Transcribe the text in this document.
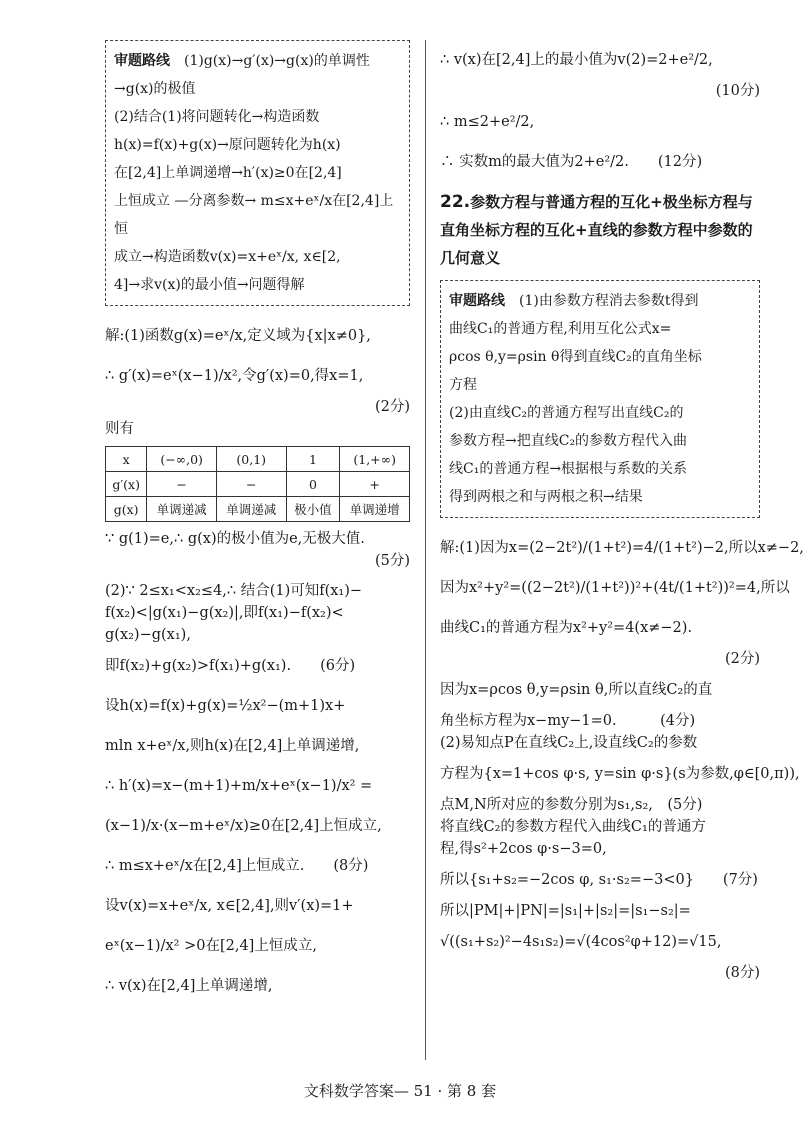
审题路线　 (1)g(x)→g′(x)→g(x)的单调性→g(x)的极值
(2)结合(1)将问题转化→构造函数
h(x)=f(x)+g(x)→原问题转化为h(x)
在[2,4]上单调递增→h′(x)≥0在[2,4]
上恒成立 —分离参数→ m≤x+eˣ/x在[2,4]上恒
成立→构造函数v(x)=x+eˣ/x, x∈[2,
4]→求v(x)的最小值→问题得解
解:(1)函数g(x)=eˣ/x,定义域为{x|x≠0},
∴ g′(x)=eˣ(x−1)/x²,令g′(x)=0,得x=1,
(2分)
则有
x	(−∞,0)	(0,1)	1	(1,+∞)
g′(x)	−	−	0	+
g(x)	单调递减	单调递减	极小值	单调递增
∵ g(1)=e,∴ g(x)的极小值为e,无极大值.
(5分)
(2)∵ 2≤x₁<x₂≤4,∴ 结合(1)可知f(x₁)−
f(x₂)<|g(x₁)−g(x₂)|,即f(x₁)−f(x₂)<
g(x₂)−g(x₁),
即f(x₂)+g(x₂)>f(x₁)+g(x₁).　　(6分)
设h(x)=f(x)+g(x)=½x²−(m+1)x+
mln x+eˣ/x,则h(x)在[2,4]上单调递增,
∴ h′(x)=x−(m+1)+m/x+eˣ(x−1)/x² =
(x−1)/x·(x−m+eˣ/x)≥0在[2,4]上恒成立,
∴ m≤x+eˣ/x在[2,4]上恒成立.　　(8分)
设v(x)=x+eˣ/x, x∈[2,4],则v′(x)=1+
eˣ(x−1)/x² >0在[2,4]上恒成立,
∴ v(x)在[2,4]上单调递增,
∴ v(x)在[2,4]上的最小值为v(2)=2+e²/2,
(10分)
∴ m≤2+e²/2,
∴ 实数m的最大值为2+e²/2.　　(12分)
22.参数方程与普通方程的互化+极坐标方程与直角坐标方程的互化+直线的参数方程中参数的几何意义
审题路线　 (1)由参数方程消去参数t得到
曲线C₁的普通方程,利用互化公式x=
ρcos θ,y=ρsin θ得到直线C₂的直角坐标
方程
(2)由直线C₂的普通方程写出直线C₂的
参数方程→把直线C₂的参数方程代入曲
线C₁的普通方程→根据根与系数的关系
得到两根之和与两根之积→结果
解:(1)因为x=(2−2t²)/(1+t²)=4/(1+t²)−2,所以x≠−2,
因为x²+y²=((2−2t²)/(1+t²))²+(4t/(1+t²))²=4,所以
曲线C₁的普通方程为x²+y²=4(x≠−2).
(2分)
因为x=ρcos θ,y=ρsin θ,所以直线C₂的直
角坐标方程为x−my−1=0.　　　(4分)
(2)易知点P在直线C₂上,设直线C₂的参数
方程为{x=1+cos φ·s, y=sin φ·s}(s为参数,φ∈[0,π)),
点M,N所对应的参数分别为s₁,s₂,　(5分)
将直线C₂的参数方程代入曲线C₁的普通方
程,得s²+2cos φ·s−3=0,
所以{s₁+s₂=−2cos φ, s₁·s₂=−3<0}　　(7分)
所以|PM|+|PN|=|s₁|+|s₂|=|s₁−s₂|=
√((s₁+s₂)²−4s₁s₂)=√(4cos²φ+12)=√15,
(8分)
文科数学答案— 51 · 第 8 套
